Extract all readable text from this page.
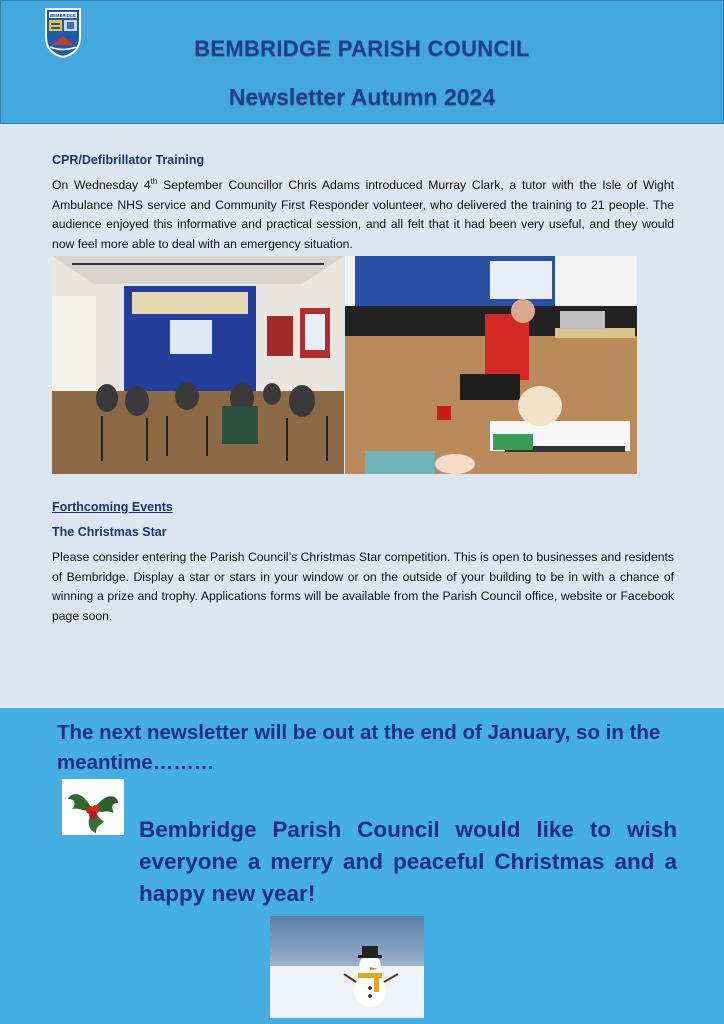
BEMBRIDGE
BEMBRIDGE PARISH COUNCIL
Newsletter Autumn 2024
CPR/Defibrillator Training
On Wednesday 4th September Councillor Chris Adams introduced Murray Clark, a tutor with the Isle of Wight Ambulance NHS service and Community First Responder volunteer, who delivered the training to 21 people. The audience enjoyed this informative and practical session, and all felt that it had been very useful, and they would now feel more able to deal with an emergency situation.
Forthcoming Events
The Christmas Star
Please consider entering the Parish Council’s Christmas Star competition. This is open to businesses and residents of Bembridge. Display a star or stars in your window or on the outside of your building to be in with a chance of winning a prize and trophy. Applications forms will be available from the Parish Council office, website or Facebook page soon.
The next newsletter will be out at the end of January, so in the meantime………
Bembridge Parish Council would like to wish everyone a merry and peaceful Christmas and a happy new year!
